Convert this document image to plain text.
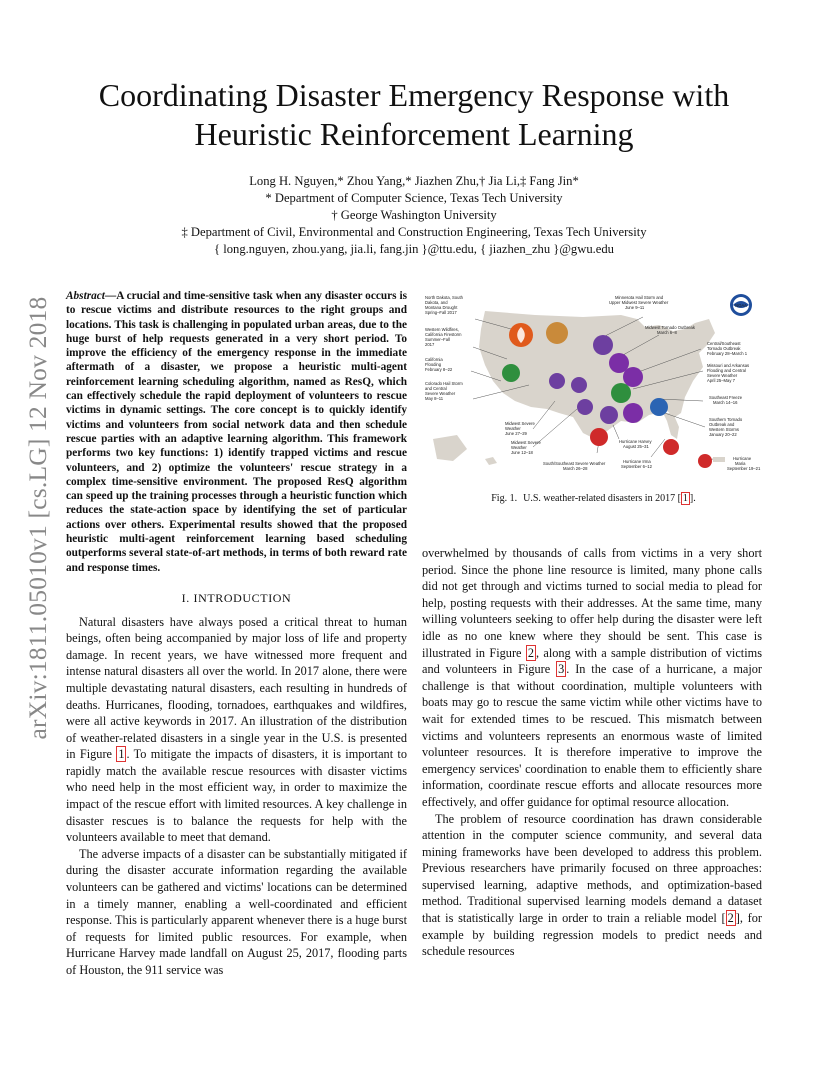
arXiv:1811.05010v1 [cs.LG] 12 Nov 2018
Coordinating Disaster Emergency Response with
Heuristic Reinforcement Learning
Long H. Nguyen,* Zhou Yang,* Jiazhen Zhu,† Jia Li,‡ Fang Jin*
* Department of Computer Science, Texas Tech University
† George Washington University
‡ Department of Civil, Environmental and Construction Engineering, Texas Tech University
{ long.nguyen, zhou.yang, jia.li, fang.jin }@ttu.edu, { jiazhen_zhu }@gwu.edu

Abstract—A crucial and time-sensitive task when any disaster occurs is to rescue victims and distribute resources to the right groups and locations. This task is challenging in populated urban areas, due to the huge burst of help requests generated in a very short period. To improve the efficiency of the emergency response in the immediate aftermath of a disaster, we propose a heuristic multi-agent reinforcement learning scheduling algorithm, named as ResQ, which can effectively schedule the rapid deployment of volunteers to rescue victims in dynamic settings. The core concept is to quickly identify victims and volunteers from social network data and then schedule rescue parties with an adaptive learning algorithm. This framework performs two key functions: 1) identify trapped victims and rescue volunteers, and 2) optimize the volunteers' rescue strategy in a complex time-sensitive environment. The proposed ResQ algorithm can speed up the training processes through a heuristic function which reduces the state-action space by identifying the set of particular actions over others. Experimental results showed that the proposed heuristic multi-agent reinforcement learning based scheduling outperforms several state-of-art methods, in terms of both reward rate and response times.

I. INTRODUCTION

Natural disasters have always posed a critical threat to human beings, often being accompanied by major loss of life and property damage. In recent years, we have witnessed more frequent and intense natural disasters all over the world. In 2017 alone, there were multiple devastating natural disasters, each resulting in hundreds of deaths. Hurricanes, flooding, tornadoes, earthquakes and wildfires, were all active keywords in 2017. An illustration of the distribution of weather-related disasters in a single year in the U.S. is presented in Figure 1 . To mitigate the impacts of disasters, it is important to rapidly match the available rescue resources with disaster victims who need help in the most efficient way, in order to maximize the impact of the rescue effort with limited resources. A key challenge in disaster rescues is to balance the requests for help with the volunteers available to meet that demand.

The adverse impacts of a disaster can be substantially mitigated if during the disaster accurate information regarding the available volunteers can be gathered and victims' locations can be determined in a timely manner, enabling a well-coordinated and efficient response. This is particularly apparent whenever there is a huge burst of requests for limited public resources. For example, when Hurricane Harvey made landfall on August 25, 2017, flooding parts of Houston, the 911 service was

NOAA
North Dakota, South Dakota, and Montana Drought Spring–Fall 2017
Western Wildfires, California Firestorm Summer–Fall 2017
California Flooding February 8–22
Colorado Hail Storm and Central Severe Weather May 8–11
Midwest Severe Weather June 27–29
Midwest Severe Weather June 12–18
South/Southeast Severe Weather March 26–28
Hurricane Harvey August 25–31
Hurricane Irma September 6–12
Hurricane Maria September 19–21
Minnesota Hail Storm and Upper Midwest Severe Weather June 9–11
Midwest Tornado Outbreak March 6–8
Central/Southeast Tornado Outbreak February 28–March 1
Missouri and Arkansas Flooding and Central Severe Weather April 25–May 7
Southeast Freeze March 14–16
Southern Tornado Outbreak and Western Storms January 20–22
Fig. 1. U.S. weather-related disasters in 2017 [ 1 ].

overwhelmed by thousands of calls from victims in a very short period. Since the phone line resource is limited, many phone calls did not get through and victims turned to social media to plead for help, posting requests with their addresses. At the same time, many willing volunteers seeking to offer help during the disaster were left idle as no one knew where they should be sent. This case is illustrated in Figure 2 , along with a sample distribution of victims and volunteers in Figure 3 . In the case of a hurricane, a major challenge is that without coordination, multiple volunteers with boats may go to rescue the same victim while other victims have to wait for extended times to be rescued. This mismatch between victims and volunteers represents an enormous waste of limited volunteer resources. It is therefore imperative to improve the emergency services' coordination to enable them to efficiently share information, coordinate rescue efforts and allocate resources more effectively, and offer guidance for optimal resource allocation.

The problem of resource coordination has drawn considerable attention in the computer science community, and several data mining frameworks have been developed to address this problem. Previous researchers have primarily focused on three approaches: supervised learning, adaptive methods, and optimization-based method. Traditional supervised learning models demand a dataset that is statistically large in order to train a reliable model [ 2 ], for example by building regression models to predict needs and schedule resources
